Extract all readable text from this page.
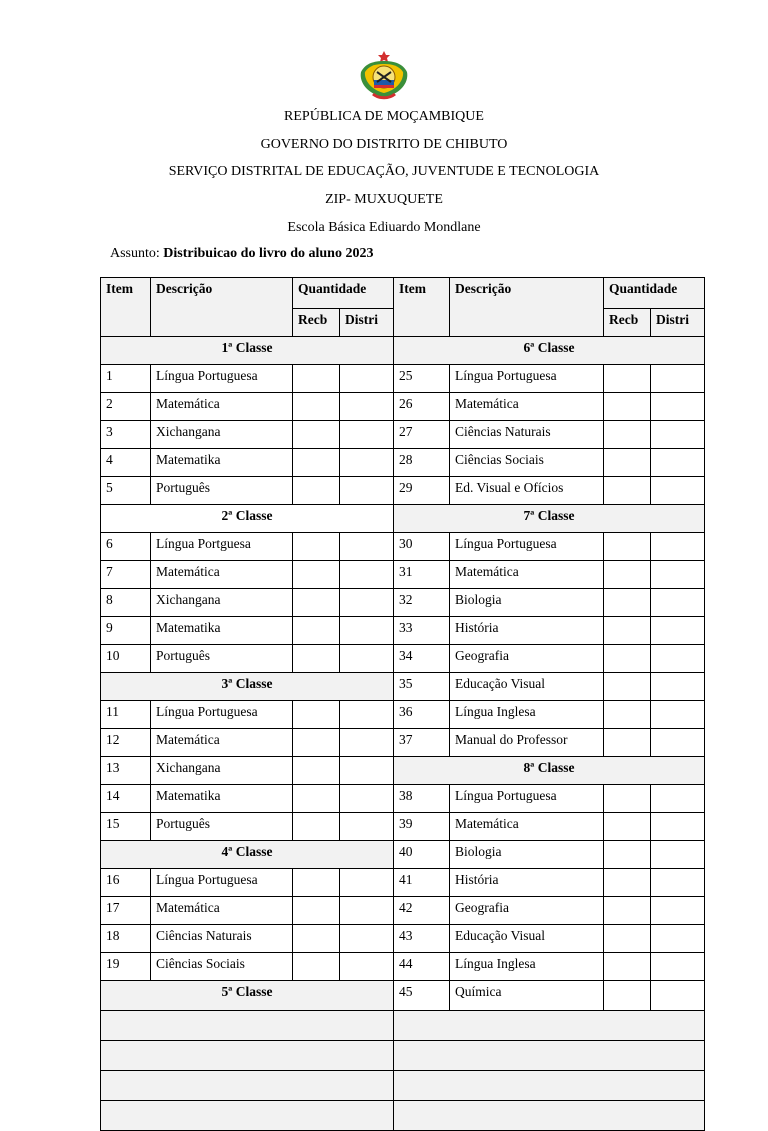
REPÚBLICA DE MOÇAMBIQUE
GOVERNO DO DISTRITO DE CHIBUTO
SERVIÇO DISTRITAL DE EDUCAÇÃO, JUVENTUDE E TECNOLOGIA
ZIP- MUXUQUETE
Escola Básica Ediuardo Mondlane
Assunto: Distribuicao do livro do aluno 2023
Item	Descrição	Quantidade
Recb	Distri
Item	Descrição	Quantidade
Recb	Distri
1ª Classe
1	Língua Portuguesa
2	Matemática
3	Xichangana
4	Matematika
5	Português
2ª Classe
6	Língua Portguesa
7	Matemática
8	Xichangana
9	Matematika
10	Português
3ª Classe
11	Língua Portuguesa
12	Matemática
13	Xichangana
14	Matematika
15	Português
4ª Classe
16	Língua Portuguesa
17	Matemática
18	Ciências Naturais
19	Ciências Sociais
5ª Classe
6ª Classe
25	Língua Portuguesa
26	Matemática
27	Ciências Naturais
28	Ciências Sociais
29	Ed. Visual e Ofícios
7ª Classe
30	Língua Portuguesa
31	Matemática
32	Biologia
33	História
34	Geografia
35	Educação Visual
36	Língua Inglesa
37	Manual do Professor
8ª Classe
38	Língua Portuguesa
39	Matemática
40	Biologia
41	História
42	Geografia
43	Educação Visual
44	Língua Inglesa
45	Química
